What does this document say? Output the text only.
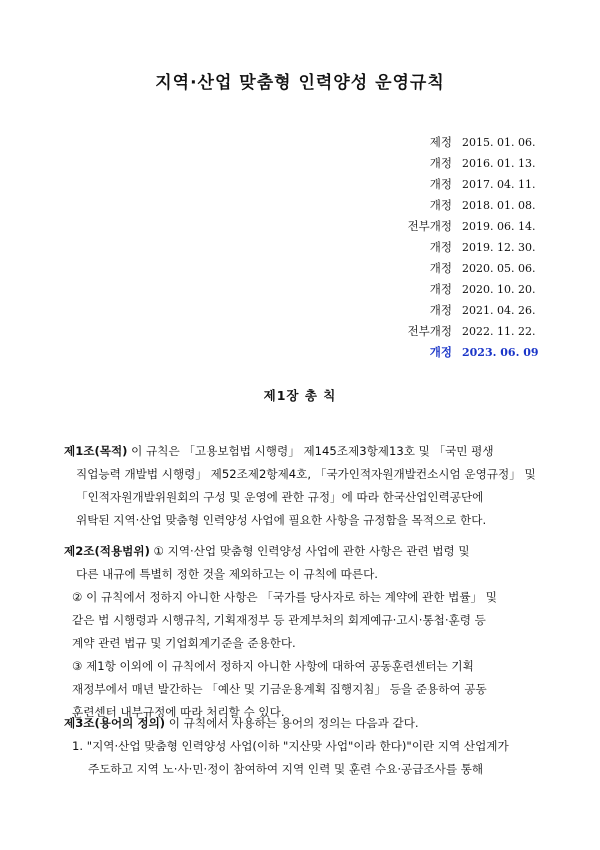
지역·산업 맞춤형 인력양성 운영규칙
제정 2015. 01. 06.
개정 2016. 01. 13.
개정 2017. 04. 11.
개정 2018. 01. 08.
전부개정 2019. 06. 14.
개정 2019. 12. 30.
개정 2020. 05. 06.
개정 2020. 10. 20.
개정 2021. 04. 26.
전부개정 2022. 11. 22.
개정 2023. 06. 09
제1장 총 칙
제1조(목적) 이 규칙은 「고용보험법 시행령」 제145조제3항제13호 및 「국민 평생
직업능력 개발법 시행령」 제52조제2항제4호, 「국가인적자원개발컨소시엄 운영규정」 및
「인적자원개발위원회의 구성 및 운영에 관한 규정」에 따라 한국산업인력공단에
위탁된 지역·산업 맞춤형 인력양성 사업에 필요한 사항을 규정함을 목적으로 한다.
제2조(적용범위) ① 지역·산업 맞춤형 인력양성 사업에 관한 사항은 관련 법령 및
다른 내규에 특별히 정한 것을 제외하고는 이 규칙에 따른다.
② 이 규칙에서 정하지 아니한 사항은 「국가를 당사자로 하는 계약에 관한 법률」 및
같은 법 시행령과 시행규칙, 기획재정부 등 관계부처의 회계예규·고시·통첩·훈령 등
계약 관련 법규 및 기업회계기준을 준용한다.
③ 제1항 이외에 이 규칙에서 정하지 아니한 사항에 대하여 공동훈련센터는 기획
재정부에서 매년 발간하는 「예산 및 기금운용계획 집행지침」 등을 준용하여 공동
훈련센터 내부규정에 따라 처리할 수 있다.
제3조(용어의 정의) 이 규칙에서 사용하는 용어의 정의는 다음과 같다.
1. "지역·산업 맞춤형 인력양성 사업(이하 "지산맞 사업"이라 한다)"이란 지역 산업계가
주도하고 지역 노·사·민·정이 참여하여 지역 인력 및 훈련 수요·공급조사를 통해
